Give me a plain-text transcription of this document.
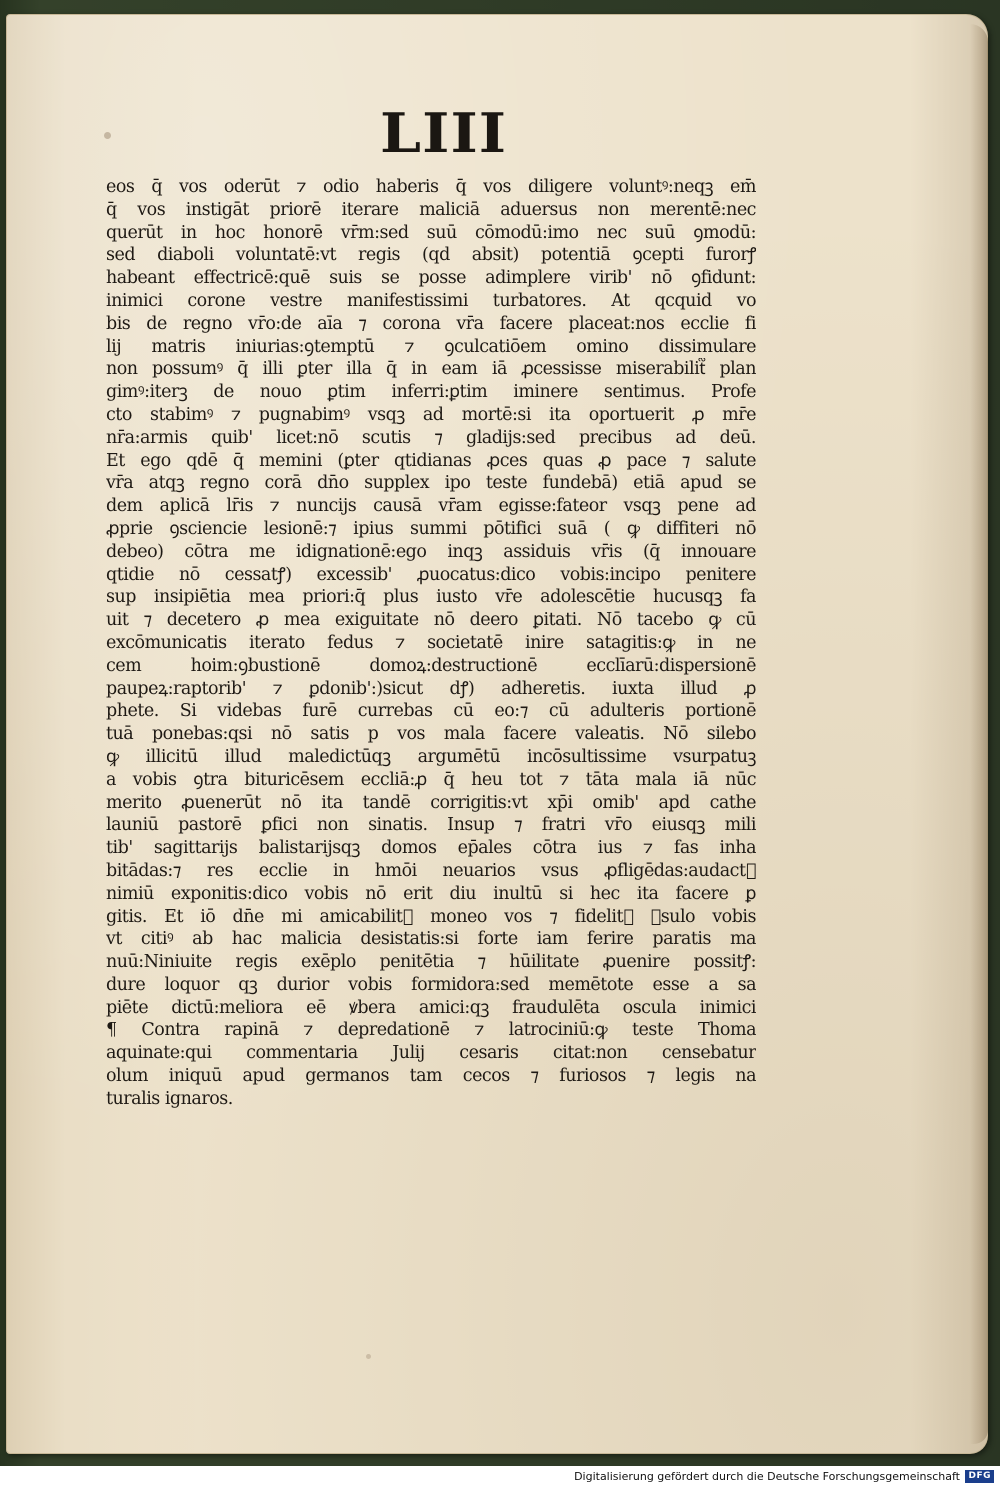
LIII
eos q̄ vos oderūt ⁊ odio haberis q̄ vos diligere voluntꝰ:neqꝫ em̄
q̄ vos instigāt priorē iterare maliciā aduersus non merentē:nec
querūt in hoc honorē vr̄m:sed suū cōmodū:imo nec suū ꝯmodū:
sed diaboli voluntatē:vt regis (qd̄ absit) potentiā ꝯcepti furorꝭ
habeant effectricē:quē suis se posse adimplere virib' nō ꝯfidunt:
inimici corone vestre manifestissimi turbatores. At qcquid vo
bis de regno vr̄o:de aīa ⁊ corona vr̄a facere placeat:nos ecclie fi
lij matris iniurias:ꝯtemptū ⁊ ꝯculcatiōem omino dissimulare
non possumꝰ q̄ illi ꝑter illa q̄ in eam iā ꝓcessisse miserabilit᷑ plan
gimꝰ:iterꝫ de nouo ꝑtim inferri:ꝑtim iminere sentimus. Profe
cto stabimꝰ ⁊ pugnabimꝰ vsqꝫ ad mortē:si ita oportuerit ꝓ mr̄e
nr̄a:armis quib' licet:nō scutis ⁊ gladijs:sed precibus ad deū.
Et ego qdē q̄ memini (ꝑter qt̄idianas ꝓces quas ꝓ pace ⁊ salute
vr̄a atqꝫ regno corā dn̄o supplex ipo teste fundebā) etiā apud se
dem aplicā lr̄is ⁊ nuncijs causā vr̄am egisse:fateor vsqꝫ pene ad
ꝓprie ꝯsciencie lesionē:⁊ ipius summi pōtifici suā ( ꝙ diffiteri nō
debeo) cōtra me idignationē:ego inqꝫ assiduis vr̄is (q̄ innouare
qt̄idie nō cessatꝭ) excessib' ꝓuocatus:dico vobis:incipo penitere
sup insipiētia mea priori:q̄ plus iusto vr̄e adolescētie hucusqꝫ fa
uit ⁊ decetero ꝓ mea exiguitate nō deero ꝑitati. Nō tacebo ꝙ cū
excōmunicatis iterato fedus ⁊ societatē inire satagitis:ꝙ in ne
cem hoim:ꝯbustionē domoꝝ:destructionē ecclīarū:dispersionē
paupeꝝ:raptorib' ⁊ ꝑdonib':)sicut dꝭ) adheretis. iuxta illud ꝓ
phete. Si videbas furē currebas cū eo:⁊ cū adulteris portionē
tuā ponebas:qsi nō satis p vos mala facere valeatis. Nō silebo
ꝙ illicitū illud maledictūqꝫ argumētū incōsultissime vsurpatuꝫ
a vobis ꝯtra bituricēsem eccliā:ꝓ q̄ heu tot ⁊ tāta mala iā nūc
merito ꝓuenerūt nō ita tandē corrigitis:vt xp̄i omib' apd cathe
launiū pastorē ꝑfici non sinatis. Insup ⁊ fratri vr̄o eiusqꝫ mili
tib' sagittarijs balistarijsqꝫ domos ep̄ales cōtra ius ⁊ fas inha
bitādas:⁊ res ecclie in hmōi neuarios vsus ꝓfligēdas:audact᷑
nimiū exponitis:dico vobis nō erit diu inultū si hec ita facere ꝑ
gitis. Et iō dn̄e mi amicabilit᷑ moneo vos ⁊ fidelit᷑ ꝯsulo vobis
vt citiꝰ ab hac malicia desistatis:si forte iam ferire paratis ma
nuū:Niniuite regis exēplo penitētia ⁊ hūilitate ꝓuenire possitꝭ:
dure loquor qꝫ durior vobis formidora:sed memētote esse a sa
piēte dictū:meliora eē ꝟbera amici:qꝫ fraudulēta oscula inimici
¶ Contra rapinā ⁊ depredationē ⁊ latrociniū:ꝙ teste Thoma
aquinate:qui commentaria Julij cesaris citat:non censebatur
olum iniquū apud germanos tam cecos ⁊ furiosos ⁊ legis na
turalis ignaros.
Digitalisierung gefördert durch die Deutsche Forschungsgemeinschaft DFG
